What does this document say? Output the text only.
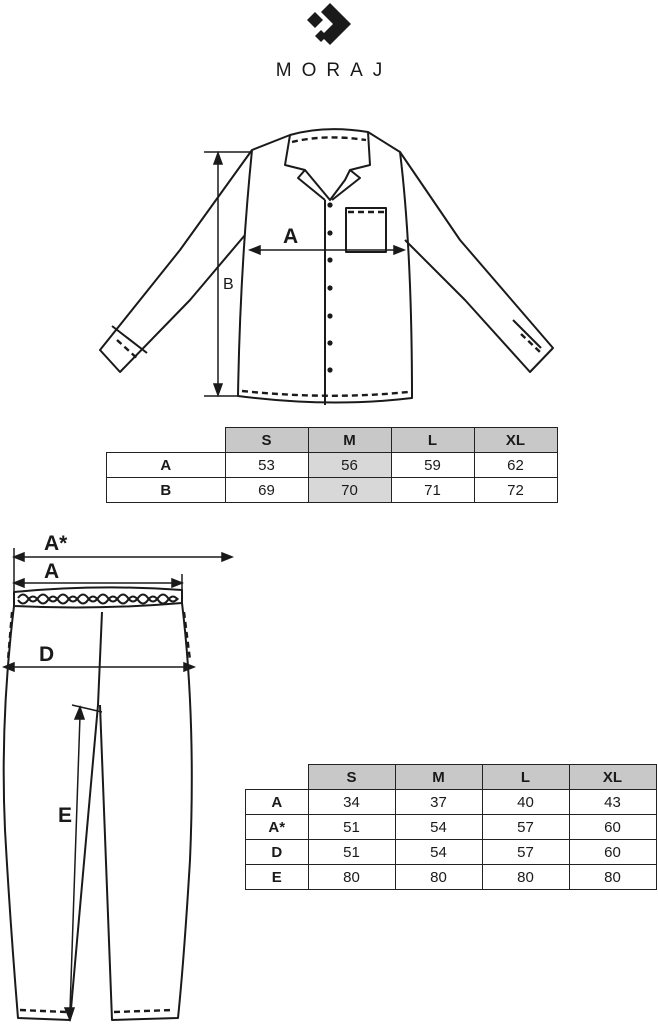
MORAJ
A
B
	S	M	L	XL
A	53	56	59	62
B	69	70	71	72
A*
A
D
E
	S	M	L	XL
A	34	37	40	43
A*	51	54	57	60
D	51	54	57	60
E	80	80	80	80
